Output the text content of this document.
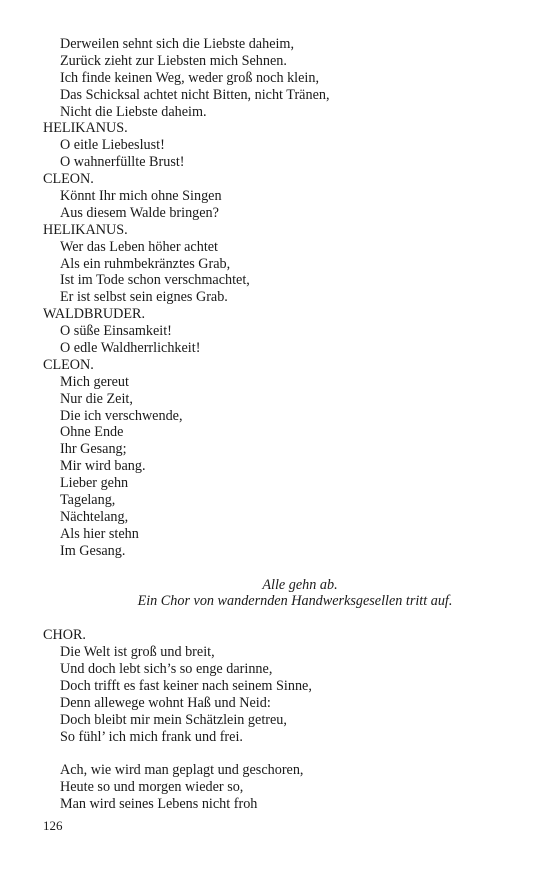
Derweilen sehnt sich die Liebste daheim,
Zurück zieht zur Liebsten mich Sehnen.
Ich finde keinen Weg, weder groß noch klein,
Das Schicksal achtet nicht Bitten, nicht Tränen,
Nicht die Liebste daheim.
HELIKANUS.
O eitle Liebeslust!
O wahnerfüllte Brust!
CLEON.
Könnt Ihr mich ohne Singen
Aus diesem Walde bringen?
HELIKANUS.
Wer das Leben höher achtet
Als ein ruhmbekränztes Grab,
Ist im Tode schon verschmachtet,
Er ist selbst sein eignes Grab.
WALDBRUDER.
O süße Einsamkeit!
O edle Waldherrlichkeit!
CLEON.
Mich gereut
Nur die Zeit,
Die ich verschwende,
Ohne Ende
Ihr Gesang;
Mir wird bang.
Lieber gehn
Tagelang,
Nächtelang,
Als hier stehn
Im Gesang.
Alle gehn ab.
Ein Chor von wandernden Handwerksgesellen tritt auf.
CHOR.
Die Welt ist groß und breit,
Und doch lebt sich’s so enge darinne,
Doch trifft es fast keiner nach seinem Sinne,
Denn allewege wohnt Haß und Neid:
Doch bleibt mir mein Schätzlein getreu,
So fühl’ ich mich frank und frei.
Ach, wie wird man geplagt und geschoren,
Heute so und morgen wieder so,
Man wird seines Lebens nicht froh
126
